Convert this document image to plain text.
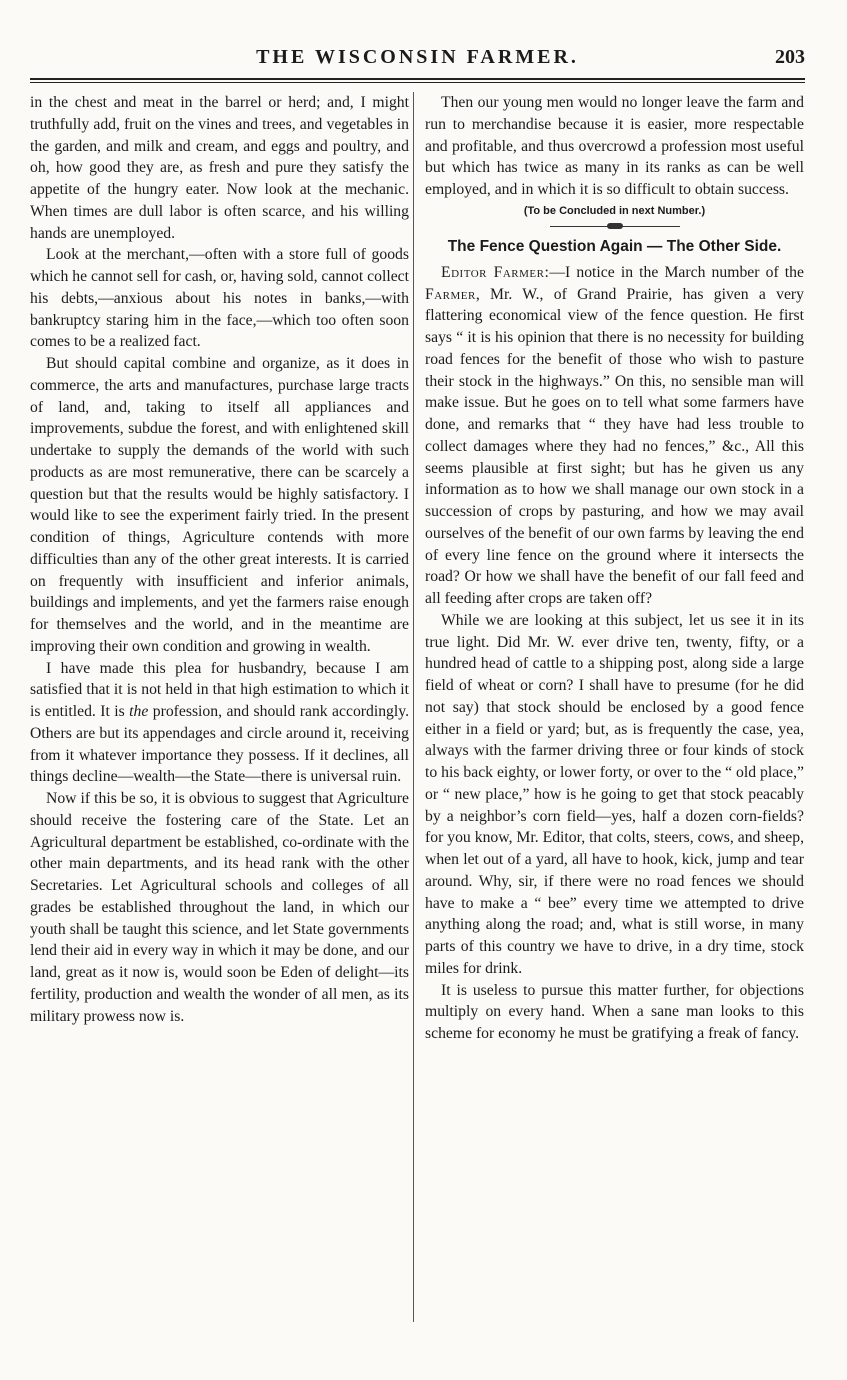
THE WISCONSIN FARMER.	203

in the chest and meat in the barrel or herd; and, I might truthfully add, fruit on the vines and trees, and vegetables in the garden, and milk and cream, and eggs and poultry, and oh, how good they are, as fresh and pure they satisfy the appetite of the hungry eater. Now look at the mechanic. When times are dull labor is often scarce, and his willing hands are unemployed.

Look at the merchant,—often with a store full of goods which he cannot sell for cash, or, having sold, cannot collect his debts,—anxious about his notes in banks,—with bankruptcy staring him in the face,—which too often soon comes to be a realized fact.

But should capital combine and organize, as it does in commerce, the arts and manufactures, purchase large tracts of land, and, taking to itself all appliances and improvements, subdue the forest, and with enlightened skill undertake to supply the demands of the world with such products as are most remunerative, there can be scarcely a question but that the results would be highly satisfactory. I would like to see the experiment fairly tried. In the present condition of things, Agriculture contends with more difficulties than any of the other great interests. It is carried on frequently with insufficient and inferior animals, buildings and implements, and yet the farmers raise enough for themselves and the world, and in the meantime are improving their own condition and growing in wealth.

I have made this plea for husbandry, because I am satisfied that it is not held in that high estimation to which it is entitled. It is the profession, and should rank accordingly. Others are but its appendages and circle around it, receiving from it whatever importance they possess. If it declines, all things decline—wealth—the State—there is universal ruin.

Now if this be so, it is obvious to suggest that Agriculture should receive the fostering care of the State. Let an Agricultural department be established, co-ordinate with the other main departments, and its head rank with the other Secretaries. Let Agricultural schools and colleges of all grades be established throughout the land, in which our youth shall be taught this science, and let State governments lend their aid in every way in which it may be done, and our land, great as it now is, would soon be Eden of delight—its fertility, production and wealth the wonder of all men, as its military prowess now is.

Then our young men would no longer leave the farm and run to merchandise because it is easier, more respectable and profitable, and thus overcrowd a profession most useful but which has twice as many in its ranks as can be well employed, and in which it is so difficult to obtain success.

(To be Concluded in next Number.)
The Fence Question Again — The Other Side.

Editor Farmer:—I notice in the March number of the Farmer, Mr. W., of Grand Prairie, has given a very flattering economical view of the fence question. He first says “ it is his opinion that there is no necessity for building road fences for the benefit of those who wish to pasture their stock in the highways.” On this, no sensible man will make issue. But he goes on to tell what some farmers have done, and remarks that “ they have had less trouble to collect damages where they had no fences,” &c., All this seems plausible at first sight; but has he given us any information as to how we shall manage our own stock in a succession of crops by pasturing, and how we may avail ourselves of the benefit of our own farms by leaving the end of every line fence on the ground where it intersects the road? Or how we shall have the benefit of our fall feed and all feeding after crops are taken off?

While we are looking at this subject, let us see it in its true light. Did Mr. W. ever drive ten, twenty, fifty, or a hundred head of cattle to a shipping post, along side a large field of wheat or corn? I shall have to presume (for he did not say) that stock should be enclosed by a good fence either in a field or yard; but, as is frequently the case, yea, always with the farmer driving three or four kinds of stock to his back eighty, or lower forty, or over to the “ old place,” or “ new place,” how is he going to get that stock peacably by a neighbor’s corn field—yes, half a dozen corn-fields? for you know, Mr. Editor, that colts, steers, cows, and sheep, when let out of a yard, all have to hook, kick, jump and tear around. Why, sir, if there were no road fences we should have to make a “ bee” every time we attempted to drive anything along the road; and, what is still worse, in many parts of this country we have to drive, in a dry time, stock miles for drink.

It is useless to pursue this matter further, for objections multiply on every hand. When a sane man looks to this scheme for economy he must be gratifying a freak of fancy.
